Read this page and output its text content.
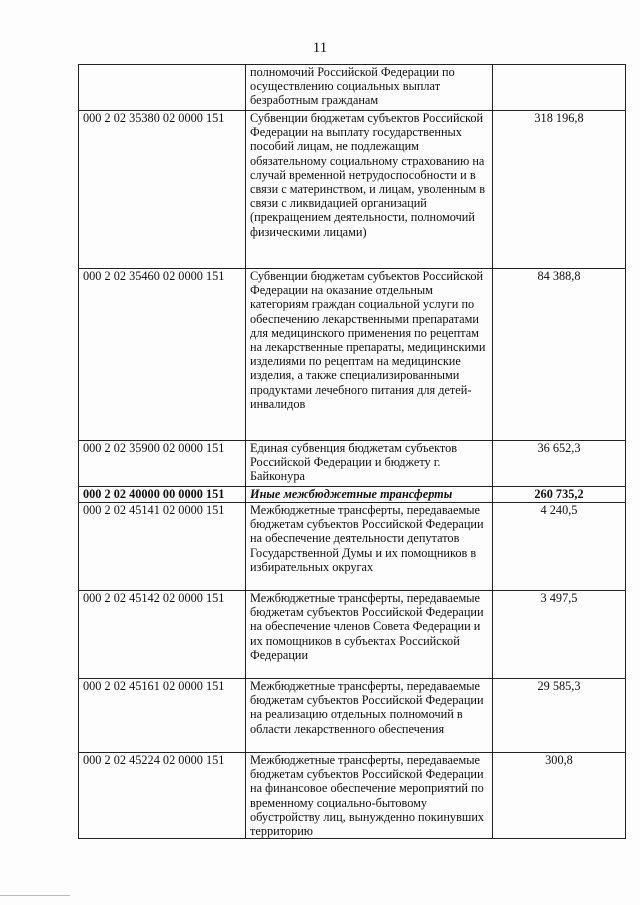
11
	полномочий Российской Федерации по осуществлению социальных выплат безработным гражданам	
000 2 02 35380 02 0000 151	Субвенции бюджетам субъектов Российской Федерации на выплату государственных пособий лицам, не подлежащим обязательному социальному страхованию на случай временной нетрудоспособности и в связи с материнством, и лицам, уволенным в связи с ликвидацией организаций (прекращением деятельности, полномочий физическими лицами)	318 196,8
000 2 02 35460 02 0000 151	Субвенции бюджетам субъектов Российской Федерации на оказание отдельным категориям граждан социальной услуги по обеспечению лекарственными препаратами для медицинского применения по рецептам на лекарственные препараты, медицинскими изделиями по рецептам на медицинские изделия, а также специализированными продуктами лечебного питания для детей-инвалидов	84 388,8
000 2 02 35900 02 0000 151	Единая субвенция бюджетам субъектов Российской Федерации и бюджету г. Байконура	36 652,3
000 2 02 40000 00 0000 151	Иные межбюджетные трансферты	260 735,2
000 2 02 45141 02 0000 151	Межбюджетные трансферты, передаваемые бюджетам субъектов Российской Федерации на обеспечение деятельности депутатов Государственной Думы и их помощников в избирательных округах	4 240,5
000 2 02 45142 02 0000 151	Межбюджетные трансферты, передаваемые бюджетам субъектов Российской Федерации на обеспечение членов Совета Федерации и их помощников в субъектах Российской Федерации	3 497,5
000 2 02 45161 02 0000 151	Межбюджетные трансферты, передаваемые бюджетам субъектов Российской Федерации на реализацию отдельных полномочий в области лекарственного обеспечения	29 585,3
000 2 02 45224 02 0000 151	Межбюджетные трансферты, передаваемые бюджетам субъектов Российской Федерации на финансовое обеспечение мероприятий по временному социально-бытовому обустройству лиц, вынужденно покинувших территорию	300,8
